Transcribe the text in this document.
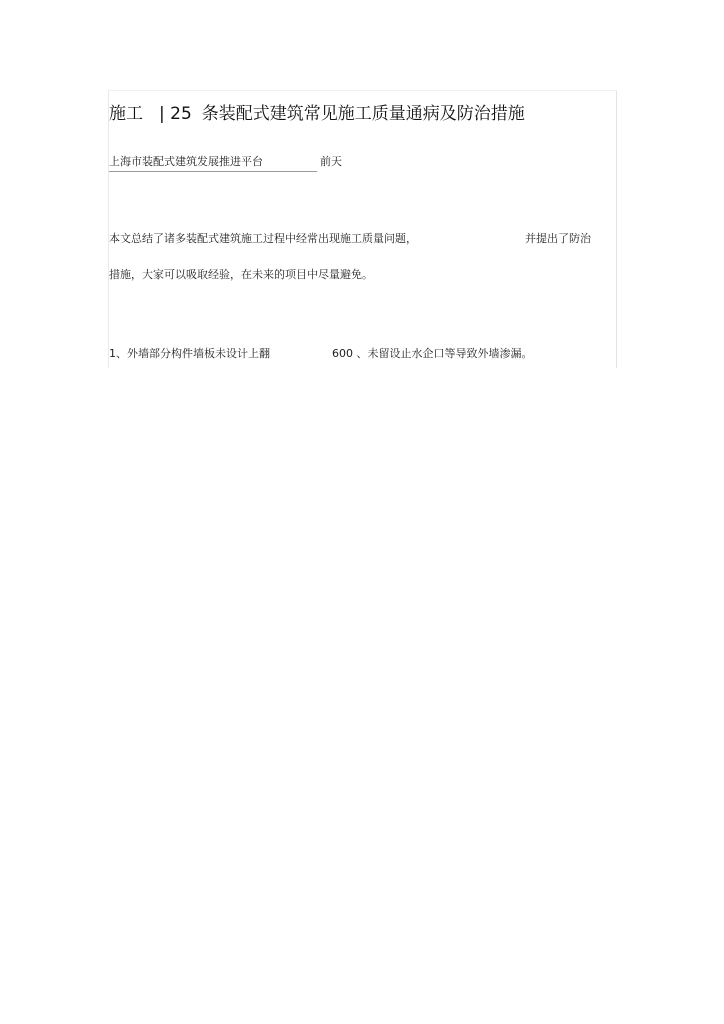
施工 | 25 条装配式建筑常见施工质量通病及防治措施
上海市装配式建筑发展推进平台	前天
本文总结了诸多装配式建筑施工过程中经常出现施工质量问题，	并提出了防治
措施，大家可以吸取经验，在未来的项目中尽量避免。
1、外墙部分构件墙板未设计上翻	600 、未留设止水企口等导致外墙渗漏。
